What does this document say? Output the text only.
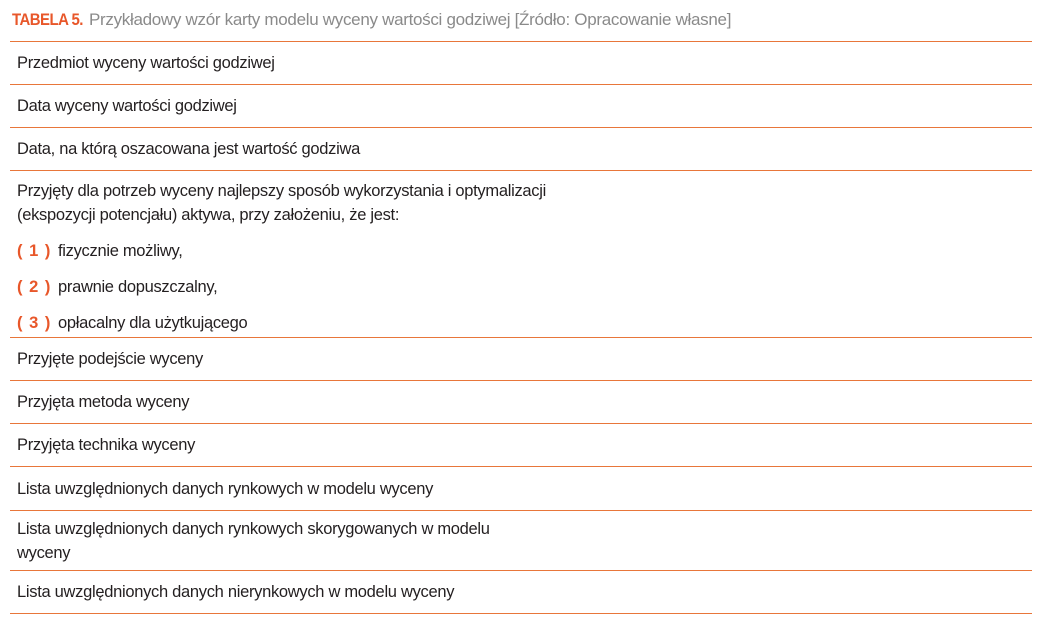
TABELA 5. Przykładowy wzór karty modelu wyceny wartości godziwej [Źródło: Opracowanie własne]
Przedmiot wyceny wartości godziwej
Data wyceny wartości godziwej
Data, na którą oszacowana jest wartość godziwa
Przyjęty dla potrzeb wyceny najlepszy sposób wykorzystania i optymalizacji
(ekspozycji potencjału) aktywa, przy założeniu, że jest:
( 1 ) fizycznie możliwy,
( 2 ) prawnie dopuszczalny,
( 3 ) opłacalny dla użytkującego
Przyjęte podejście wyceny
Przyjęta metoda wyceny
Przyjęta technika wyceny
Lista uwzględnionych danych rynkowych w modelu wyceny
Lista uwzględnionych danych rynkowych skorygowanych w modelu
wyceny
Lista uwzględnionych danych nierynkowych w modelu wyceny
